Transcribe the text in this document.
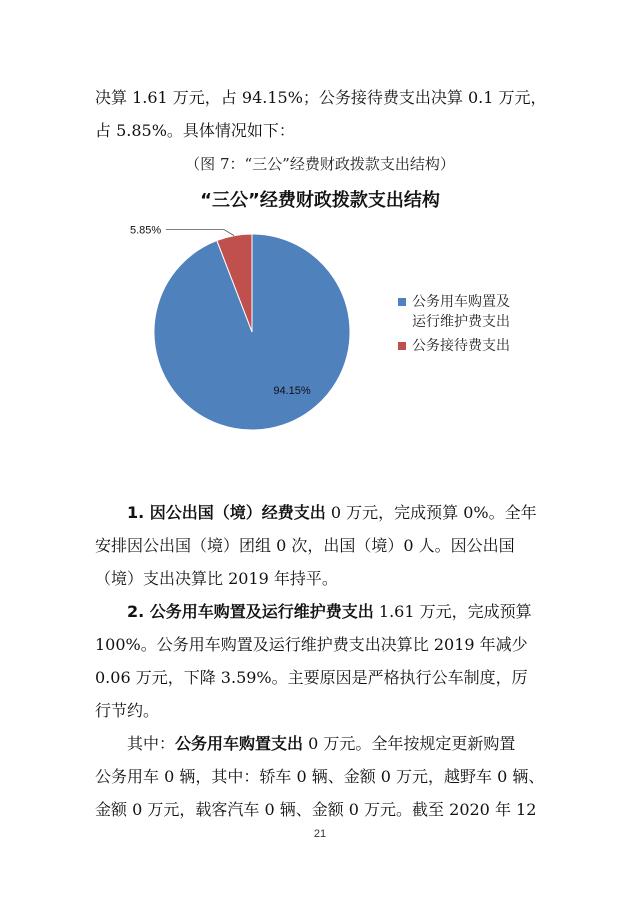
决算 1.61 万元，占 94.15%；公务接待费支出决算 0.1 万元，
占 5.85%。具体情况如下：
（图 7：“三公”经费财政拨款支出结构）
“三公”经费财政拨款支出结构
94.15%
5.85%
公务用车购置及
运行维护费支出
公务接待费支出
1. 因公出国（境）经费支出 0 万元，完成预算 0%。全年
安排因公出国（境）团组 0 次，出国（境）0 人。因公出国
（境）支出决算比 2019 年持平。
2. 公务用车购置及运行维护费支出 1.61 万元，完成预算
100%。公务用车购置及运行维护费支出决算比 2019 年减少
0.06 万元，下降 3.59%。主要原因是严格执行公车制度，厉
行节约。
其中：公务用车购置支出 0 万元。全年按规定更新购置
公务用车 0 辆，其中：轿车 0 辆、金额 0 万元，越野车 0 辆、
金额 0 万元，载客汽车 0 辆、金额 0 万元。截至 2020 年 12
21
